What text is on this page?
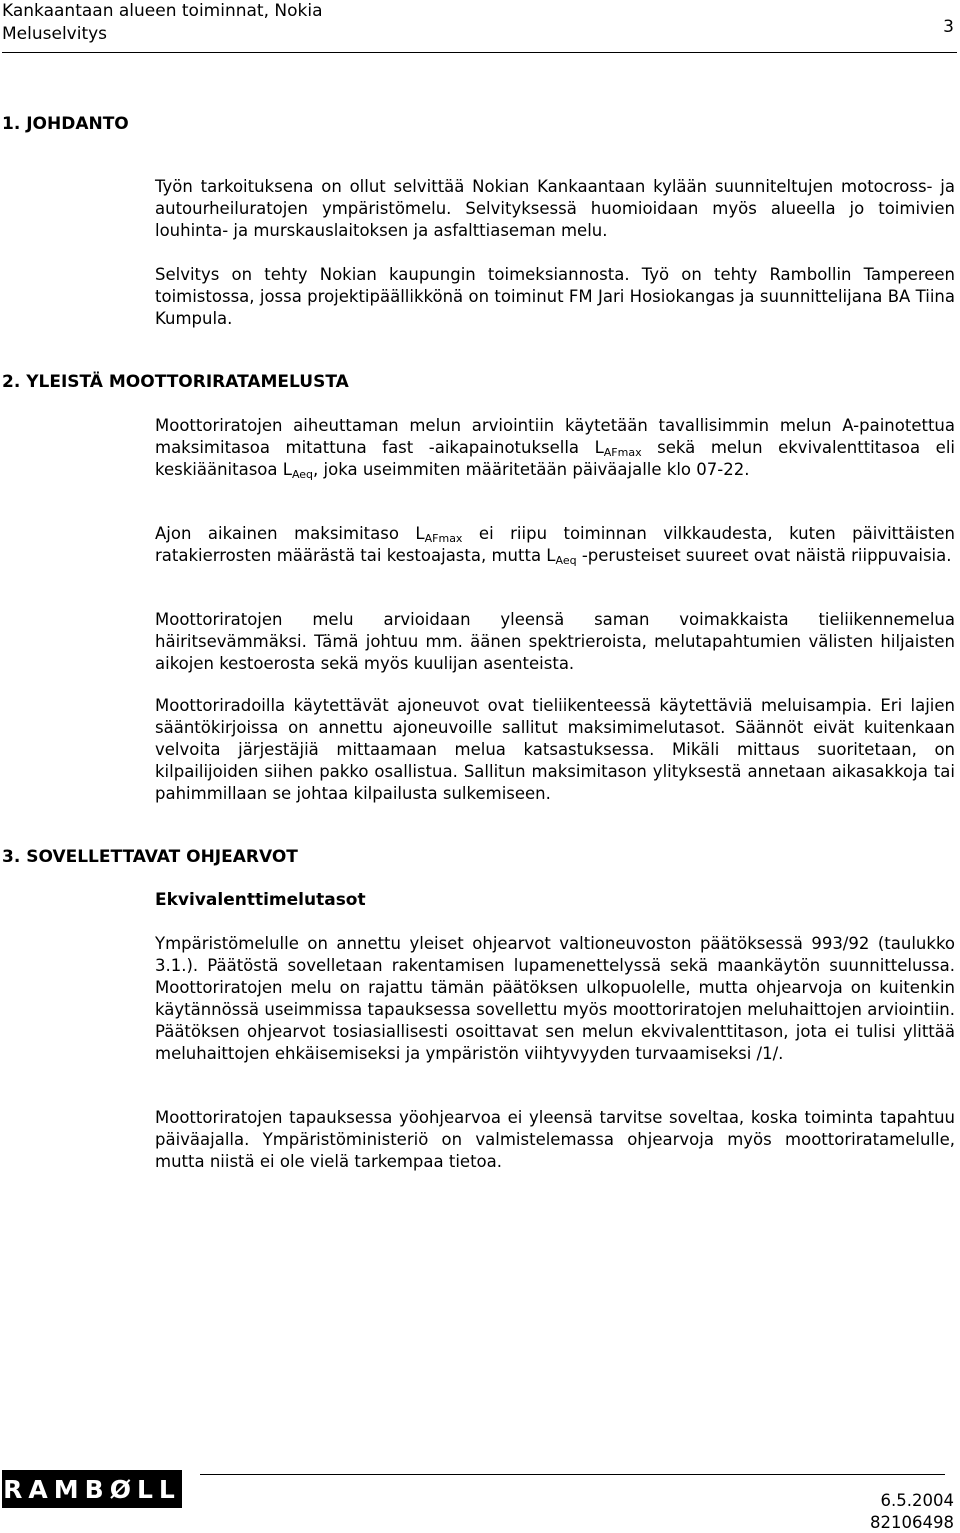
Kankaantaan alueen toiminnat, Nokia
Meluselvitys	3
1. JOHDANTO

Työn tarkoituksena on ollut selvittää Nokian Kankaantaan kylään suunniteltujen motocross- ja autourheiluratojen ympäristömelu. Selvityksessä huomioidaan myös alueella jo toimivien louhinta- ja murskauslaitoksen ja asfalttiaseman melu.

Selvitys on tehty Nokian kaupungin toimeksiannosta. Työ on tehty Rambollin Tampereen toimistossa, jossa projektipäällikkönä on toiminut FM Jari Hosiokangas ja suunnittelijana BA Tiina Kumpula.

2. YLEISTÄ MOOTTORIRATAMELUSTA

Moottoriratojen aiheuttaman melun arviointiin käytetään tavallisimmin melun A-painotettua maksimitasoa mitattuna fast -aikapainotuksella $L_{AFmax}$ sekä melun ekvivalenttitasoa eli keskiäänitasoa $L_{Aeq}$, joka useimmiten määritetään päiväajalle klo 07-22.

Ajon aikainen maksimitaso $L_{AFmax}$ ei riipu toiminnan vilkkaudesta, kuten päivittäisten ratakierrosten määrästä tai kestoajasta, mutta $L_{Aeq}$ -perusteiset suureet ovat näistä riippuvaisia.

Moottoriratojen melu arvioidaan yleensä saman voimakkaista tieliikennemelua häiritsevämmäksi. Tämä johtuu mm. äänen spektrieroista, melutapahtumien välisten hiljaisten aikojen kestoerosta sekä myös kuulijan asenteista.

Moottoriradoilla käytettävät ajoneuvot ovat tieliikenteessä käytettäviä meluisampia. Eri lajien sääntökirjoissa on annettu ajoneuvoille sallitut maksimimelutasot. Säännöt eivät kuitenkaan velvoita järjestäjiä mittaamaan melua katsastuksessa. Mikäli mittaus suoritetaan, on kilpailijoiden siihen pakko osallistua. Sallitun maksimitason ylityksestä annetaan aikasakkoja tai pahimmillaan se johtaa kilpailusta sulkemiseen.

3. SOVELLETTAVAT OHJEARVOT
Ekvivalenttimelutasot

Ympäristömelulle on annettu yleiset ohjearvot valtioneuvoston päätöksessä 993/92 (taulukko 3.1.). Päätöstä sovelletaan rakentamisen lupamenettelyssä sekä maankäytön suunnittelussa. Moottoriratojen melu on rajattu tämän päätöksen ulkopuolelle, mutta ohjearvoja on kuitenkin käytännössä useimmissa tapauksessa sovellettu myös moottoriratojen meluhaittojen arviointiin. Päätöksen ohjearvot tosiasiallisesti osoittavat sen melun ekvivalenttitason, jota ei tulisi ylittää meluhaittojen ehkäisemiseksi ja ympäristön viihtyvyyden turvaamiseksi /1/.

Moottoriratojen tapauksessa yöohjearvoa ei yleensä tarvitse soveltaa, koska toiminta tapahtuu päiväajalla. Ympäristöministeriö on valmistelemassa ohjearvoja myös moottoriratamelulle, mutta niistä ei ole vielä tarkempaa tietoa.

RAMBØLL	6.5.2004
82106498
